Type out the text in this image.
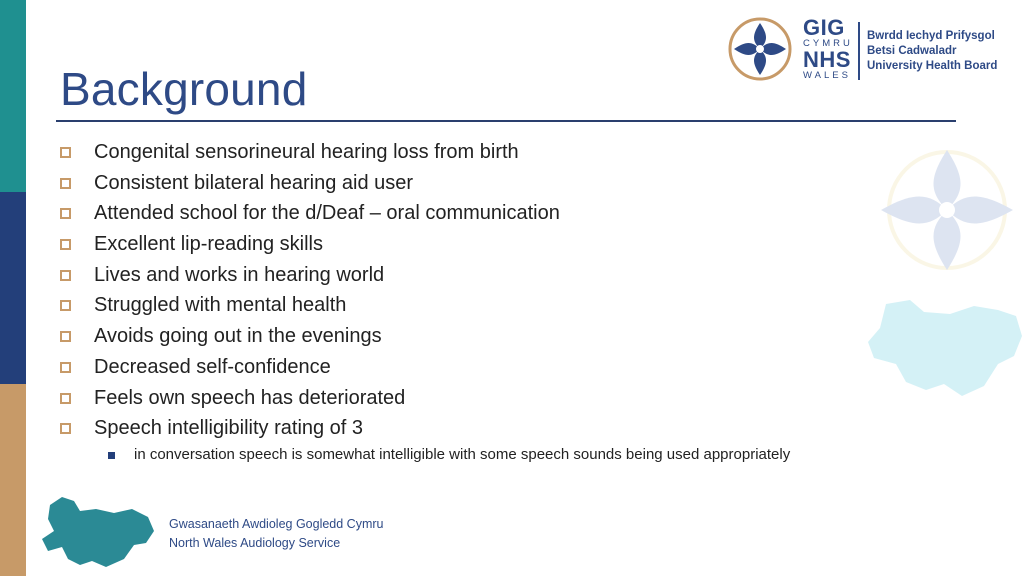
Background
GIG
CYMRU
NHS
WALES
Bwrdd Iechyd Prifysgol
Betsi Cadwaladr
University Health Board
Congenital sensorineural hearing loss from birth
Consistent bilateral hearing aid user
Attended school for the d/Deaf – oral communication
Excellent lip-reading skills
Lives and works in hearing world
Struggled with mental health
Avoids going out in the evenings
Decreased self-confidence
Feels own speech has deteriorated
Speech intelligibility rating of 3
in conversation speech is somewhat intelligible with some speech sounds being used appropriately
Gwasanaeth Awdioleg Gogledd Cymru
North Wales Audiology Service
